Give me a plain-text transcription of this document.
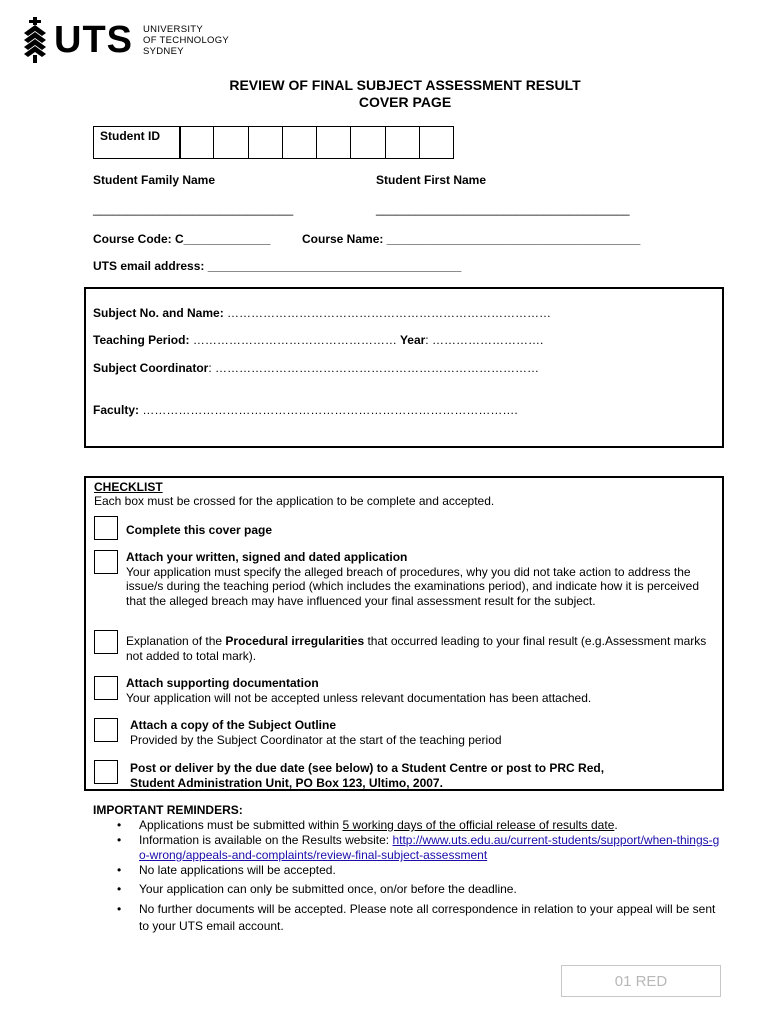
UTS UNIVERSITY
OF TECHNOLOGY
SYDNEY
REVIEW OF FINAL SUBJECT ASSESSMENT RESULT
COVER PAGE
Student ID
Student Family Name	Student First Name
______________________________	______________________________________
Course Code: C_____________	Course Name: ______________________________________
UTS email address: ______________________________________
Subject No. and Name: ………………………………………………………………………
Teaching Period: …………………………………………… Year: ……………………….
Subject Coordinator: ………………………………………………………………………
Faculty: ………………………………………………………………………………….
CHECKLIST
Each box must be crossed for the application to be complete and accepted.
Complete this cover page
Attach your written, signed and dated application
Your application must specify the alleged breach of procedures, why you did not take action to address the issue/s during the teaching period (which includes the examinations period), and indicate how it is perceived that the alleged breach may have influenced your final assessment result for the subject.
Explanation of the Procedural irregularities that occurred leading to your final result (e.g.Assessment marks not added to total mark).
Attach supporting documentation
Your application will not be accepted unless relevant documentation has been attached.
Attach a copy of the Subject Outline
Provided by the Subject Coordinator at the start of the teaching period
Post or deliver by the due date (see below) to a Student Centre or post to PRC Red,
Student Administration Unit, PO Box 123, Ultimo, 2007.
IMPORTANT REMINDERS:
• Applications must be submitted within 5 working days of the official release of results date.
• Information is available on the Results website: http://www.uts.edu.au/current-students/support/when-things-go-wrong/appeals-and-complaints/review-final-subject-assessment
• No late applications will be accepted.
• Your application can only be submitted once, on/or before the deadline.
• No further documents will be accepted. Please note all correspondence in relation to your appeal will be sent to your UTS email account.
01 RED
